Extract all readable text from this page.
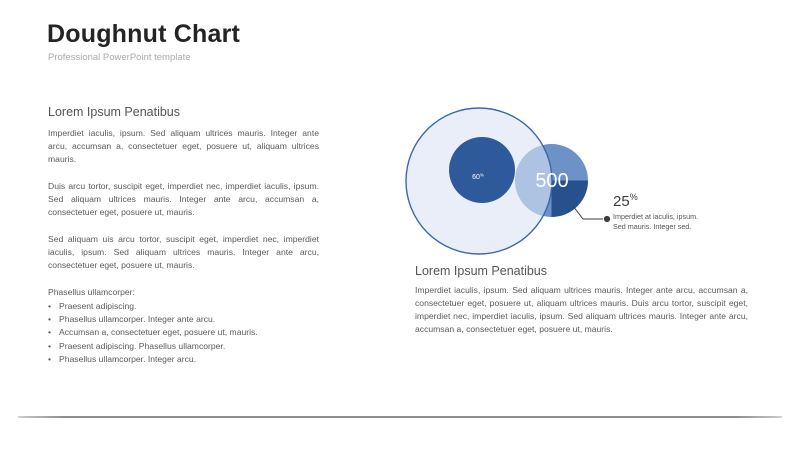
Doughnut Chart
Professional PowerPoint template
Lorem Ipsum Penatibus

Imperdiet iaculis, ipsum. Sed aliquam ultrices mauris. Integer ante arcu, accumsan a, consectetuer eget, posuere ut, aliquam ultrices mauris.

Duis arcu tortor, suscipit eget, imperdiet nec, imperdiet iaculis, ipsum. Sed aliquam ultrices mauris. Integer ante arcu, accumsan a, consectetuer eget, posuere ut, mauris.

Sed aliquam uis arcu tortor, suscipit eget, imperdiet nec, imperdiet iaculis, ipsum. Sed aliquam ultrices mauris. Integer ante arcu, consectetuer eget, posuere ut, mauris.

Phasellus ullamcorper:
• Praesent adipiscing.
• Phasellus ullamcorper. Integer ante arcu.
• Accumsan a, consectetuer eget, posuere ut, mauris.
• Praesent adipiscing. Phasellus ullamcorper.
• Phasellus ullamcorper. Integer arcu.
60%	500
25%
Imperdiet at iaculis, ipsum.
Sed mauris. Integer sed.
Lorem Ipsum Penatibus

Imperdiet iaculis, ipsum. Sed aliquam ultrices mauris. Integer ante arcu, accumsan a, consectetuer eget, posuere ut, aliquam ultrices mauris. Duis arcu tortor, suscipit eget, imperdiet nec, imperdiet iaculis, ipsum. Sed aliquam ultrices mauris. Integer ante arcu, accumsan a, consectetuer eget, posuere ut, mauris.
